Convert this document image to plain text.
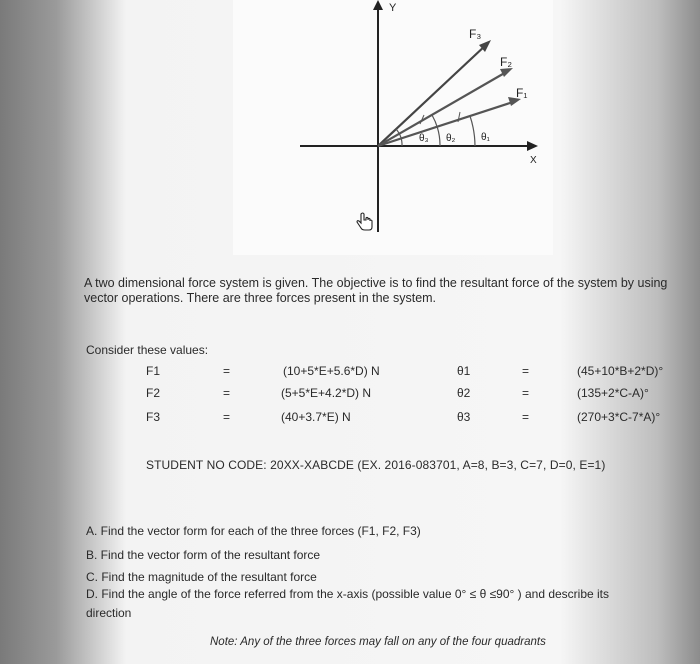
Y
X
F₃
F₂
F₁
θ₃ θ₂	θ₁
A two dimensional force system is given. The objective is to find the resultant force of the system by using vector operations. There are three forces present in the system.
Consider these values:
F1	=	(10+5*E+5.6*D) N	θ1	=	(45+10*B+2*D)°
F2	=	(5+5*E+4.2*D) N	θ2	=	(135+2*C-A)°
F3	=	(40+3.7*E) N	θ3	=	(270+3*C-7*A)°
STUDENT NO CODE: 20XX-XABCDE (EX. 2016-083701, A=8, B=3, C=7, D=0, E=1)
A. Find the vector form for each of the three forces (F1, F2, F3)
B. Find the vector form of the resultant force
C. Find the magnitude of the resultant force
D. Find the angle of the force referred from the x-axis (possible value 0° ≤ θ ≤90° ) and describe its
direction
Note: Any of the three forces may fall on any of the four quadrants
